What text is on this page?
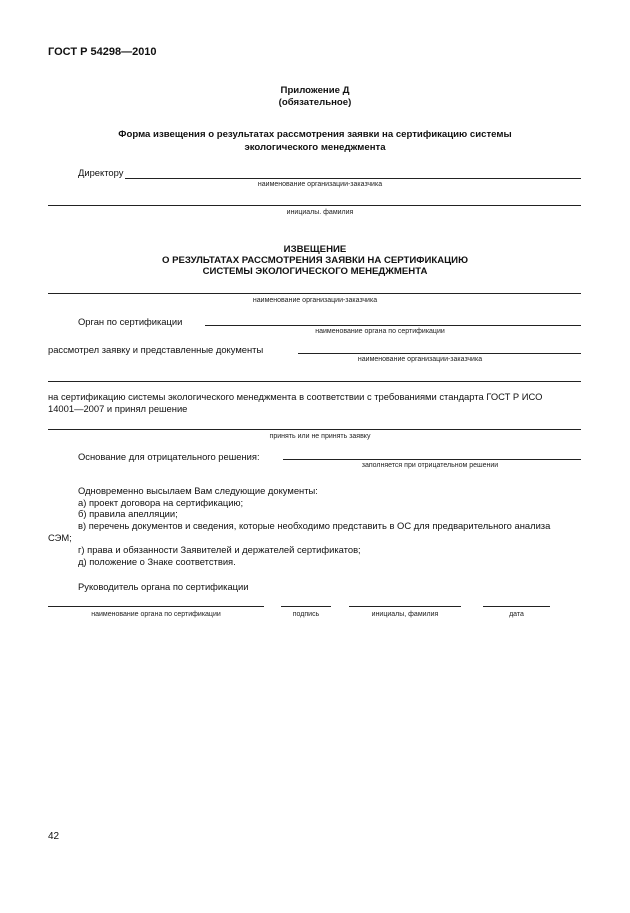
ГОСТ Р 54298—2010
Приложение Д
(обязательное)
Форма извещения о результатах рассмотрения заявки на сертификацию системы
экологического менеджмента
Директору
наименование организации-заказчика
инициалы. фамилия
ИЗВЕЩЕНИЕ
О РЕЗУЛЬТАТАХ РАССМОТРЕНИЯ ЗАЯВКИ НА СЕРТИФИКАЦИЮ
СИСТЕМЫ ЭКОЛОГИЧЕСКОГО МЕНЕДЖМЕНТА
наименование организации-заказчика
Орган по сертификации
наименование органа по сертификации
рассмотрел заявку и представленные документы
наименование организации-заказчика
на сертификацию системы экологического менеджмента в соответствии с требованиями стандарта ГОСТ Р ИСО
14001—2007 и принял решение
принять или не принять заявку
Основание для отрицательного решения:
заполняется при отрицательном решении
Одновременно высылаем Вам следующие документы:
а) проект договора на сертификацию;
б) правила апелляции;
в) перечень документов и сведения, которые необходимо представить в ОС для предварительного анализа
СЭМ;
г) права и обязанности Заявителей и держателей сертификатов;
д) положение о Знаке соответствия.
Руководитель органа по сертификации
наименование органа по сертификации	подпись	инициалы, фамилия	дата
42
